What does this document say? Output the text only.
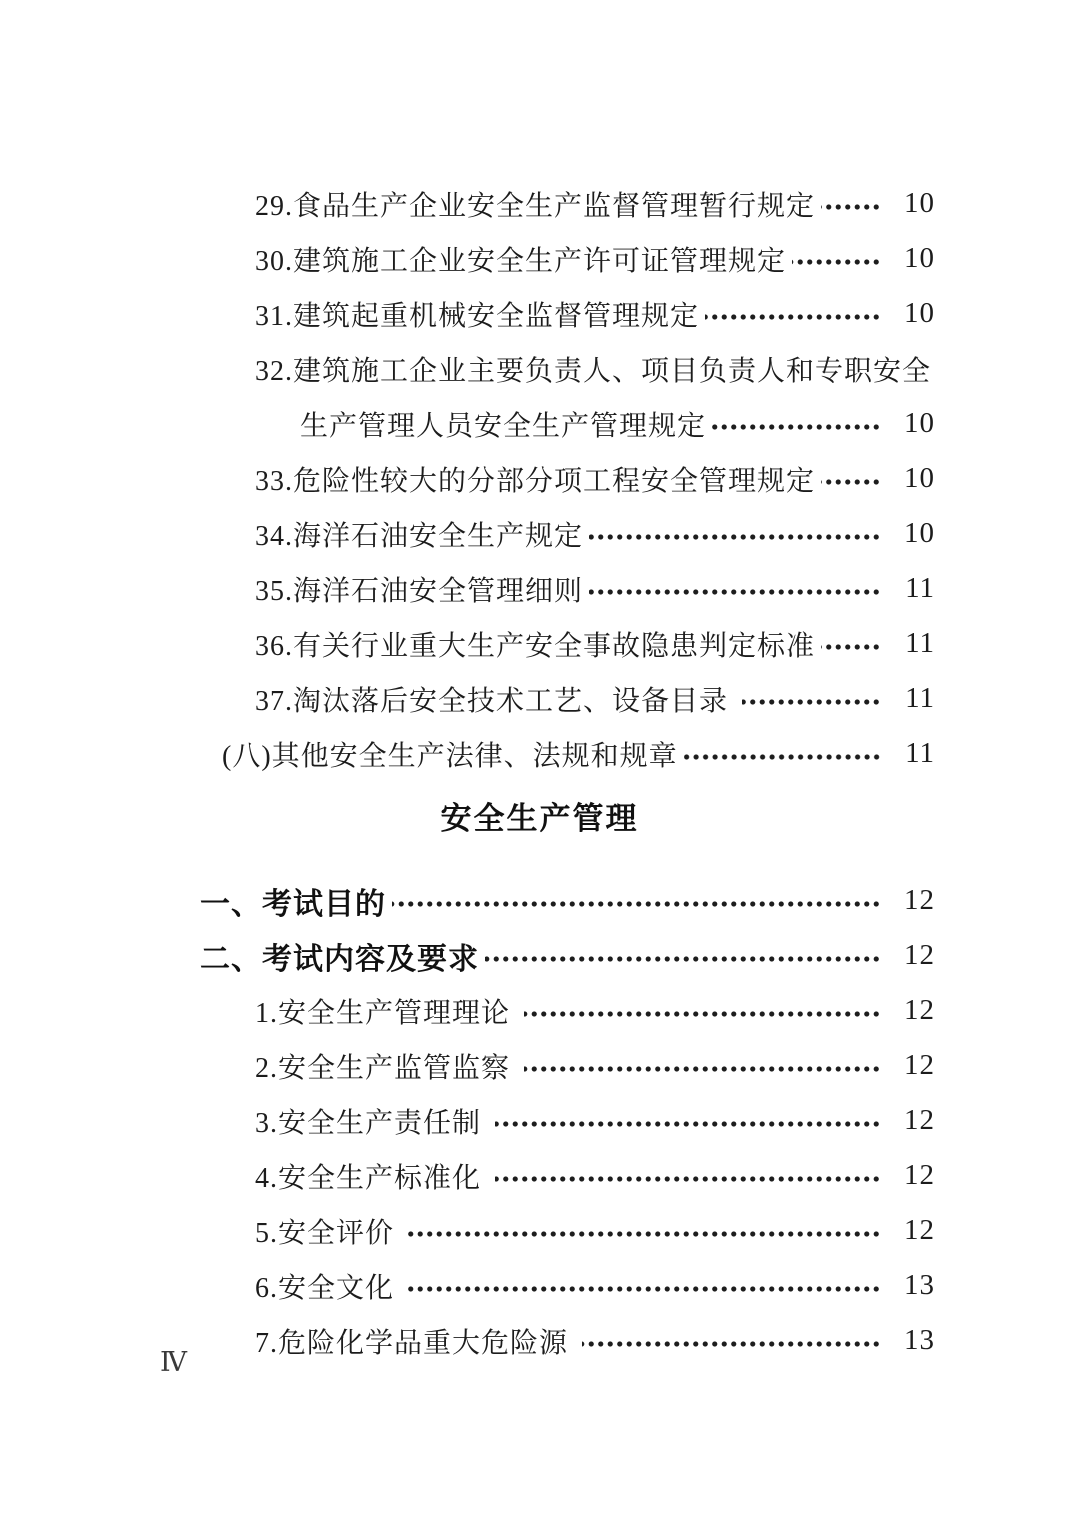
29.食品生产企业安全生产监督管理暂行规定	10
30.建筑施工企业安全生产许可证管理规定	10
31.建筑起重机械安全监督管理规定	10
32.建筑施工企业主要负责人、项目负责人和专职安全
生产管理人员安全生产管理规定	10
33.危险性较大的分部分项工程安全管理规定	10
34.海洋石油安全生产规定	10
35.海洋石油安全管理细则	11
36.有关行业重大生产安全事故隐患判定标准	11
37.淘汰落后安全技术工艺、设备目录	11
(八)其他安全生产法律、法规和规章	11
安全生产管理
一、考试目的	12
二、考试内容及要求	12
1.安全生产管理理论	12
2.安全生产监管监察	12
3.安全生产责任制	12
4.安全生产标准化	12
5.安全评价	12
6.安全文化	13
7.危险化学品重大危险源	13
Ⅳ
